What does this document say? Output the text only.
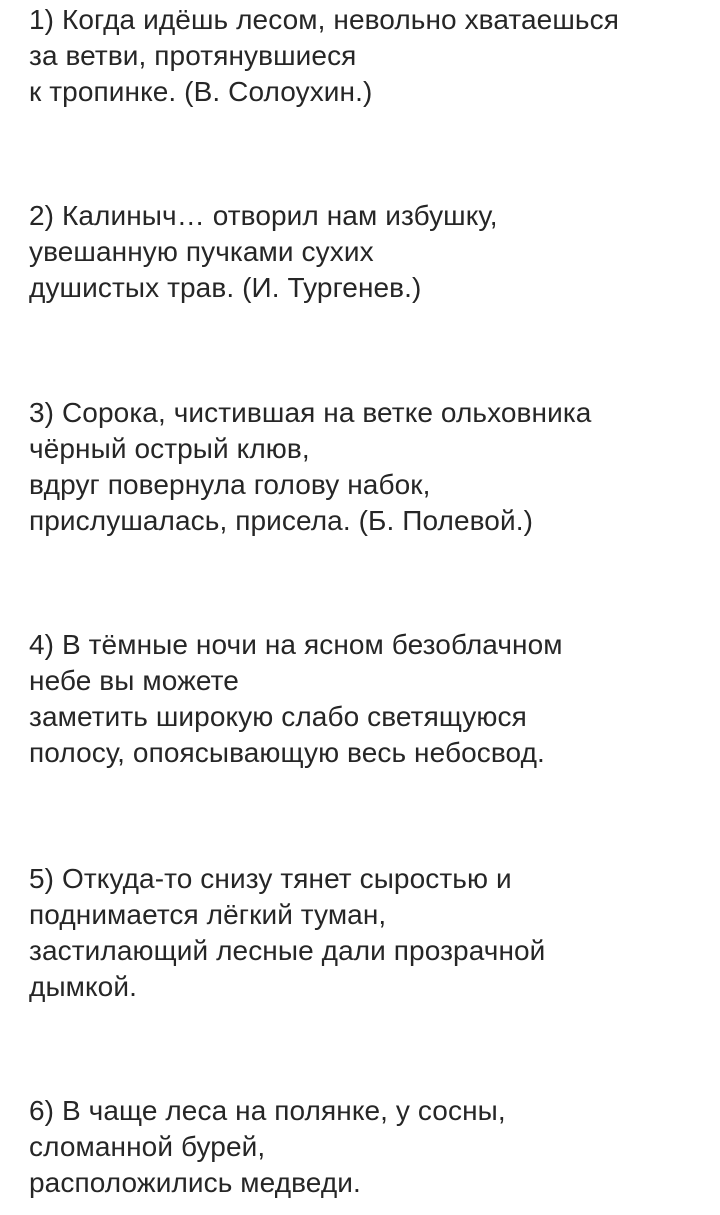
1) Когда идёшь лесом, невольно хватаешься
за ветви, протянувшиеся
к тропинке. (В. Солоухин.)

2) Калиныч… отворил нам избушку,
увешанную пучками сухих
душистых трав. (И. Тургенев.)

3) Сорока, чистившая на ветке ольховника
чёрный острый клюв,
вдруг повернула голову набок,
прислушалась, присела. (Б. Полевой.)

4) В тёмные ночи на ясном безоблачном
небе вы можете
заметить широкую слабо светящуюся
полосу, опоясывающую весь небосвод.

5) Откуда-то снизу тянет сыростью и
поднимается лёгкий туман,
застилающий лесные дали прозрачной
дымкой.

6) В чаще леса на полянке, у сосны,
сломанной бурей,
расположились медведи.
